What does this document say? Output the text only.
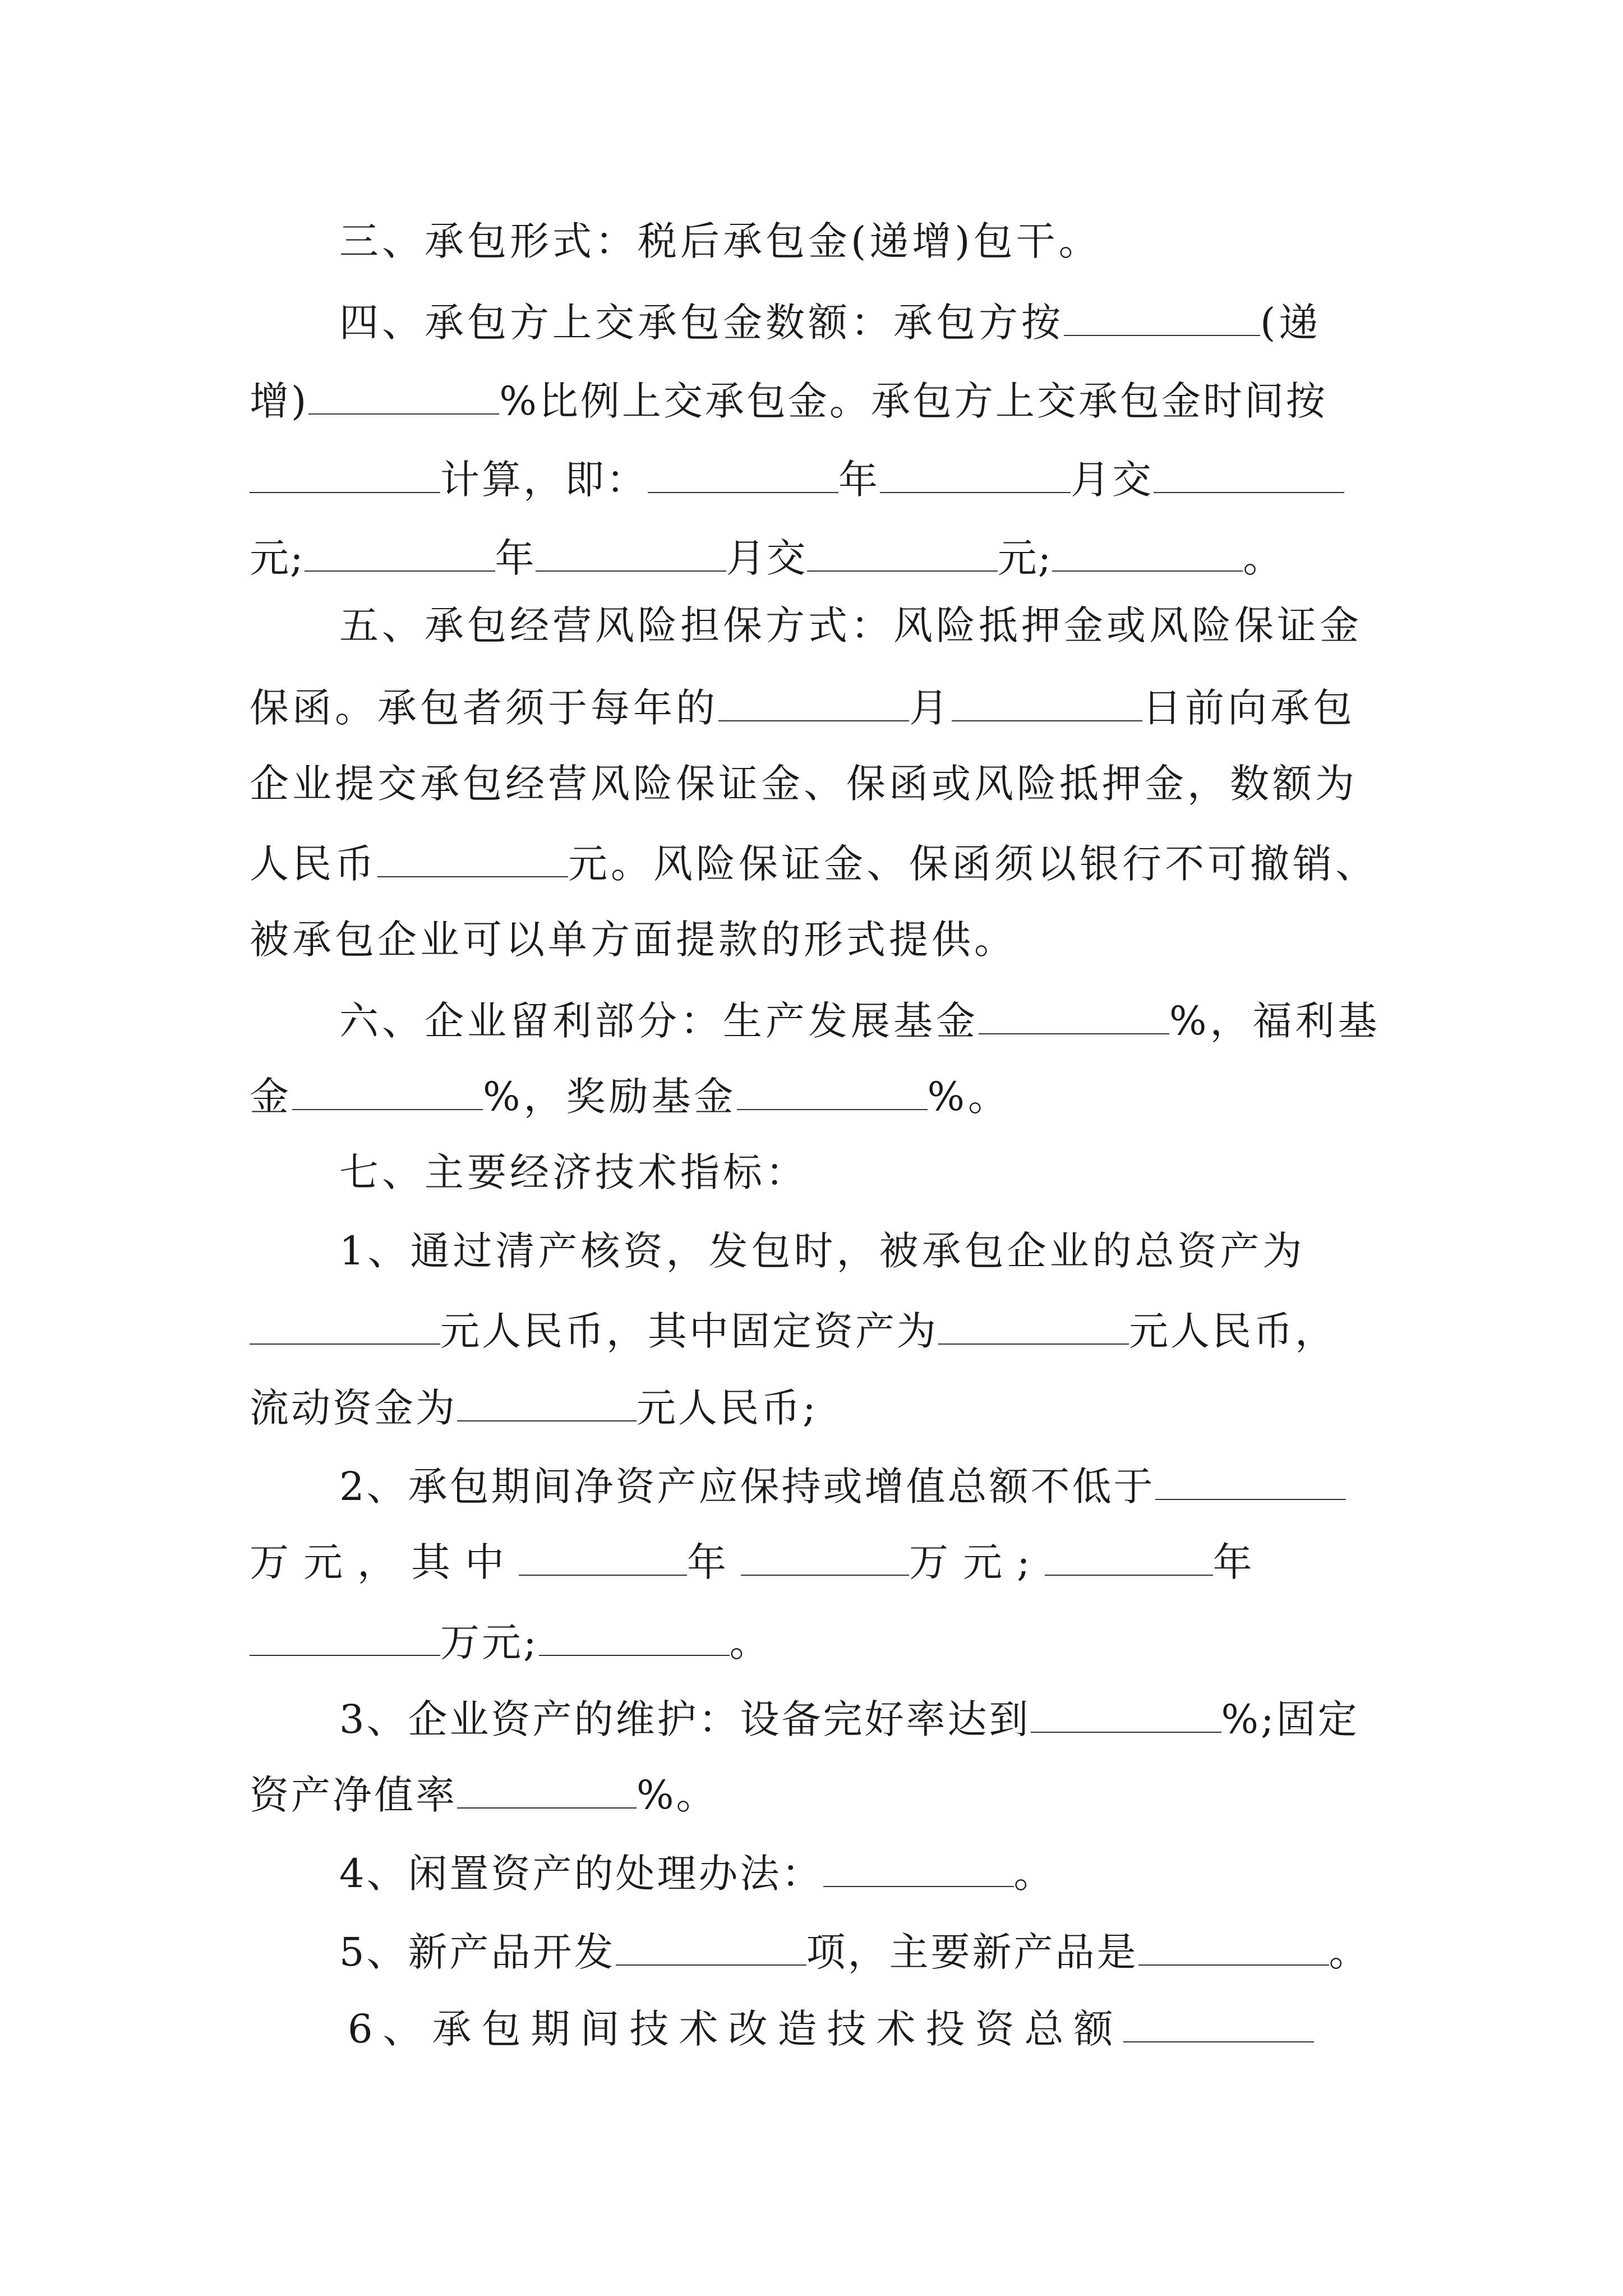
三、承包形式：税后承包金(递增)包干。

四、承包方上交承包金数额：承包方按	(递

增)	%比例上交承包金。承包方上交承包金时间按

计算，即：	年	月交

元;	年	月交	元;	。

五、承包经营风险担保方式：风险抵押金或风险保证金

保函。承包者须于每年的	月	日前向承包

企业提交承包经营风险保证金、保函或风险抵押金，数额为

人民币	元。风险保证金、保函须以银行不可撤销、

被承包企业可以单方面提款的形式提供。

六、企业留利部分：生产发展基金	%，福利基

金	%，奖励基金	%。

七、主要经济技术指标：

1、通过清产核资，发包时，被承包企业的总资产为

元人民币，其中固定资产为	元人民币，

流动资金为	元人民币;

2、承包期间净资产应保持或增值总额不低于

万元，其中	年	万元;	年

万元;	。

3、企业资产的维护：设备完好率达到	%;固定

资产净值率	%。

4、闲置资产的处理办法：	。

5、新产品开发	项，主要新产品是	。

6、承包期间技术改造技术投资总额
